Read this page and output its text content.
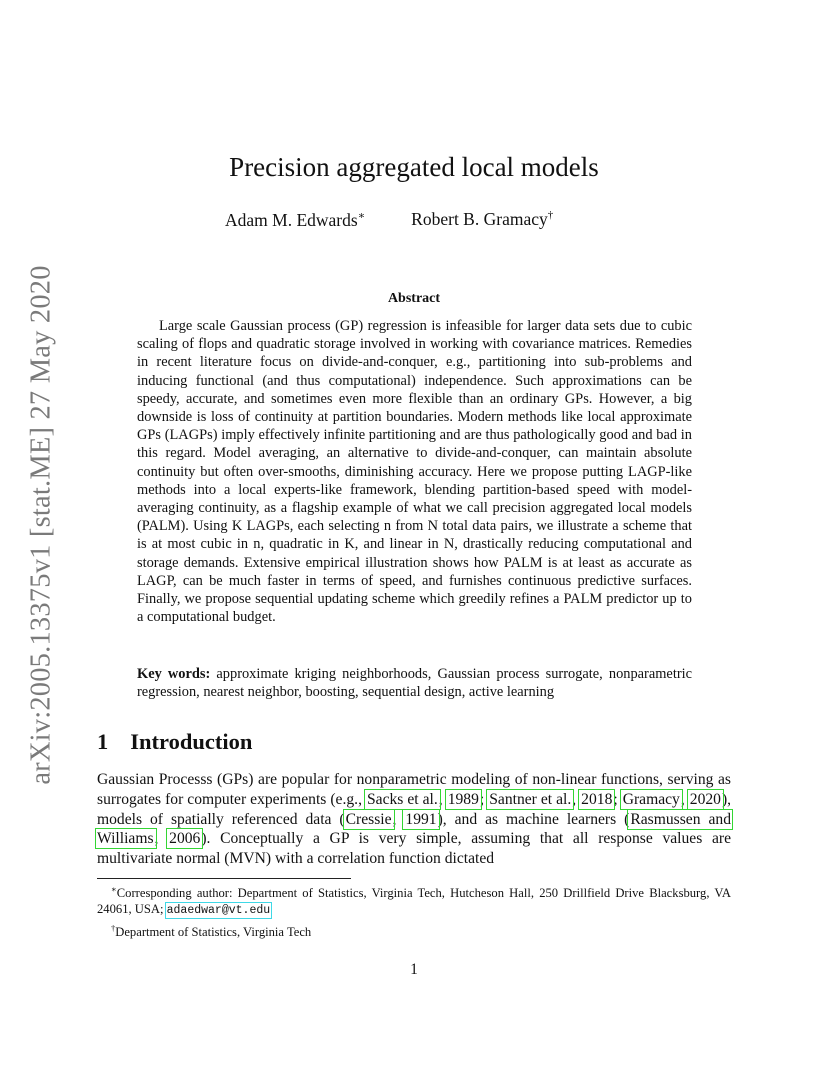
arXiv:2005.13375v1 [stat.ME] 27 May 2020
Precision aggregated local models
Adam M. Edwards∗	Robert B. Gramacy†
Abstract

Large scale Gaussian process (GP) regression is infeasible for larger data sets due to cubic scaling of flops and quadratic storage involved in working with covariance matrices. Remedies in recent literature focus on divide-and-conquer, e.g., partitioning into sub-problems and inducing functional (and thus computational) independence. Such approximations can be speedy, accurate, and sometimes even more flexible than an ordinary GPs. However, a big downside is loss of continuity at partition boundaries. Modern methods like local approximate GPs (LAGPs) imply effectively infinite partitioning and are thus pathologically good and bad in this regard. Model averaging, an alternative to divide-and-conquer, can maintain absolute continuity but often over-smooths, diminishing accuracy. Here we propose putting LAGP-like methods into a local experts-like framework, blending partition-based speed with model-averaging continuity, as a flagship example of what we call precision aggregated local models (PALM). Using K LAGPs, each selecting n from N total data pairs, we illustrate a scheme that is at most cubic in n, quadratic in K, and linear in N, drastically reducing computational and storage demands. Extensive empirical illustration shows how PALM is at least as accurate as LAGP, can be much faster in terms of speed, and furnishes continuous predictive surfaces. Finally, we propose sequential updating scheme which greedily refines a PALM predictor up to a computational budget.

Key words: approximate kriging neighborhoods, Gaussian process surrogate, nonparametric regression, nearest neighbor, boosting, sequential design, active learning

1 Introduction

Gaussian Processs (GPs) are popular for nonparametric modeling of non-linear functions, serving as surrogates for computer experiments (e.g., Sacks et al., 1989; Santner et al., 2018; Gramacy, 2020), models of spatially referenced data (Cressie, 1991), and as machine learners (Rasmussen and Williams, 2006). Conceptually a GP is very simple, assuming that all response values are multivariate normal (MVN) with a correlation function dictated

∗Corresponding author: Department of Statistics, Virginia Tech, Hutcheson Hall, 250 Drillfield Drive Blacksburg, VA 24061, USA; adaedwar@vt.edu

†Department of Statistics, Virginia Tech

1
